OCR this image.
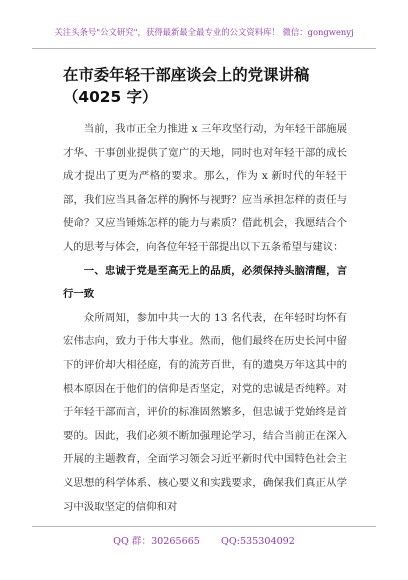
关注头条号"公文研究"，获得最新最全最专业的公文资料库！ 微信：gongwenyj
在市委年轻干部座谈会上的党课讲稿
（4025 字）

当前，我市正全力推进 x 三年攻坚行动，为年轻干部施展才华、干事创业提供了宽广的天地，同时也对年轻干部的成长成才提出了更为严格的要求。那么，作为 x 新时代的年轻干部，我们应当具备怎样的胸怀与视野？应当承担怎样的责任与使命？又应当锤炼怎样的能力与素质？借此机会，我愿结合个人的思考与体会，向各位年轻干部提出以下五条希望与建议：

一、忠诚于党是至高无上的品质，必须保持头脑清醒，言行一致

众所周知，参加中共一大的 13 名代表，在年轻时均怀有宏伟志向，致力于伟大事业。然而，他们最终在历史长河中留下的评价却大相径庭，有的流芳百世，有的遗臭万年这其中的根本原因在于他们的信仰是否坚定，对党的忠诚是否纯粹。对于年轻干部而言，评价的标准固然繁多，但忠诚于党始终是首要的。因此，我们必须不断加强理论学习，结合当前正在深入开展的主题教育，全面学习领会习近平新时代中国特色社会主义思想的科学体系、核心要义和实践要求，确保我们真正从学习中汲取坚定的信仰和对

QQ 群：30265665 QQ:535304092
